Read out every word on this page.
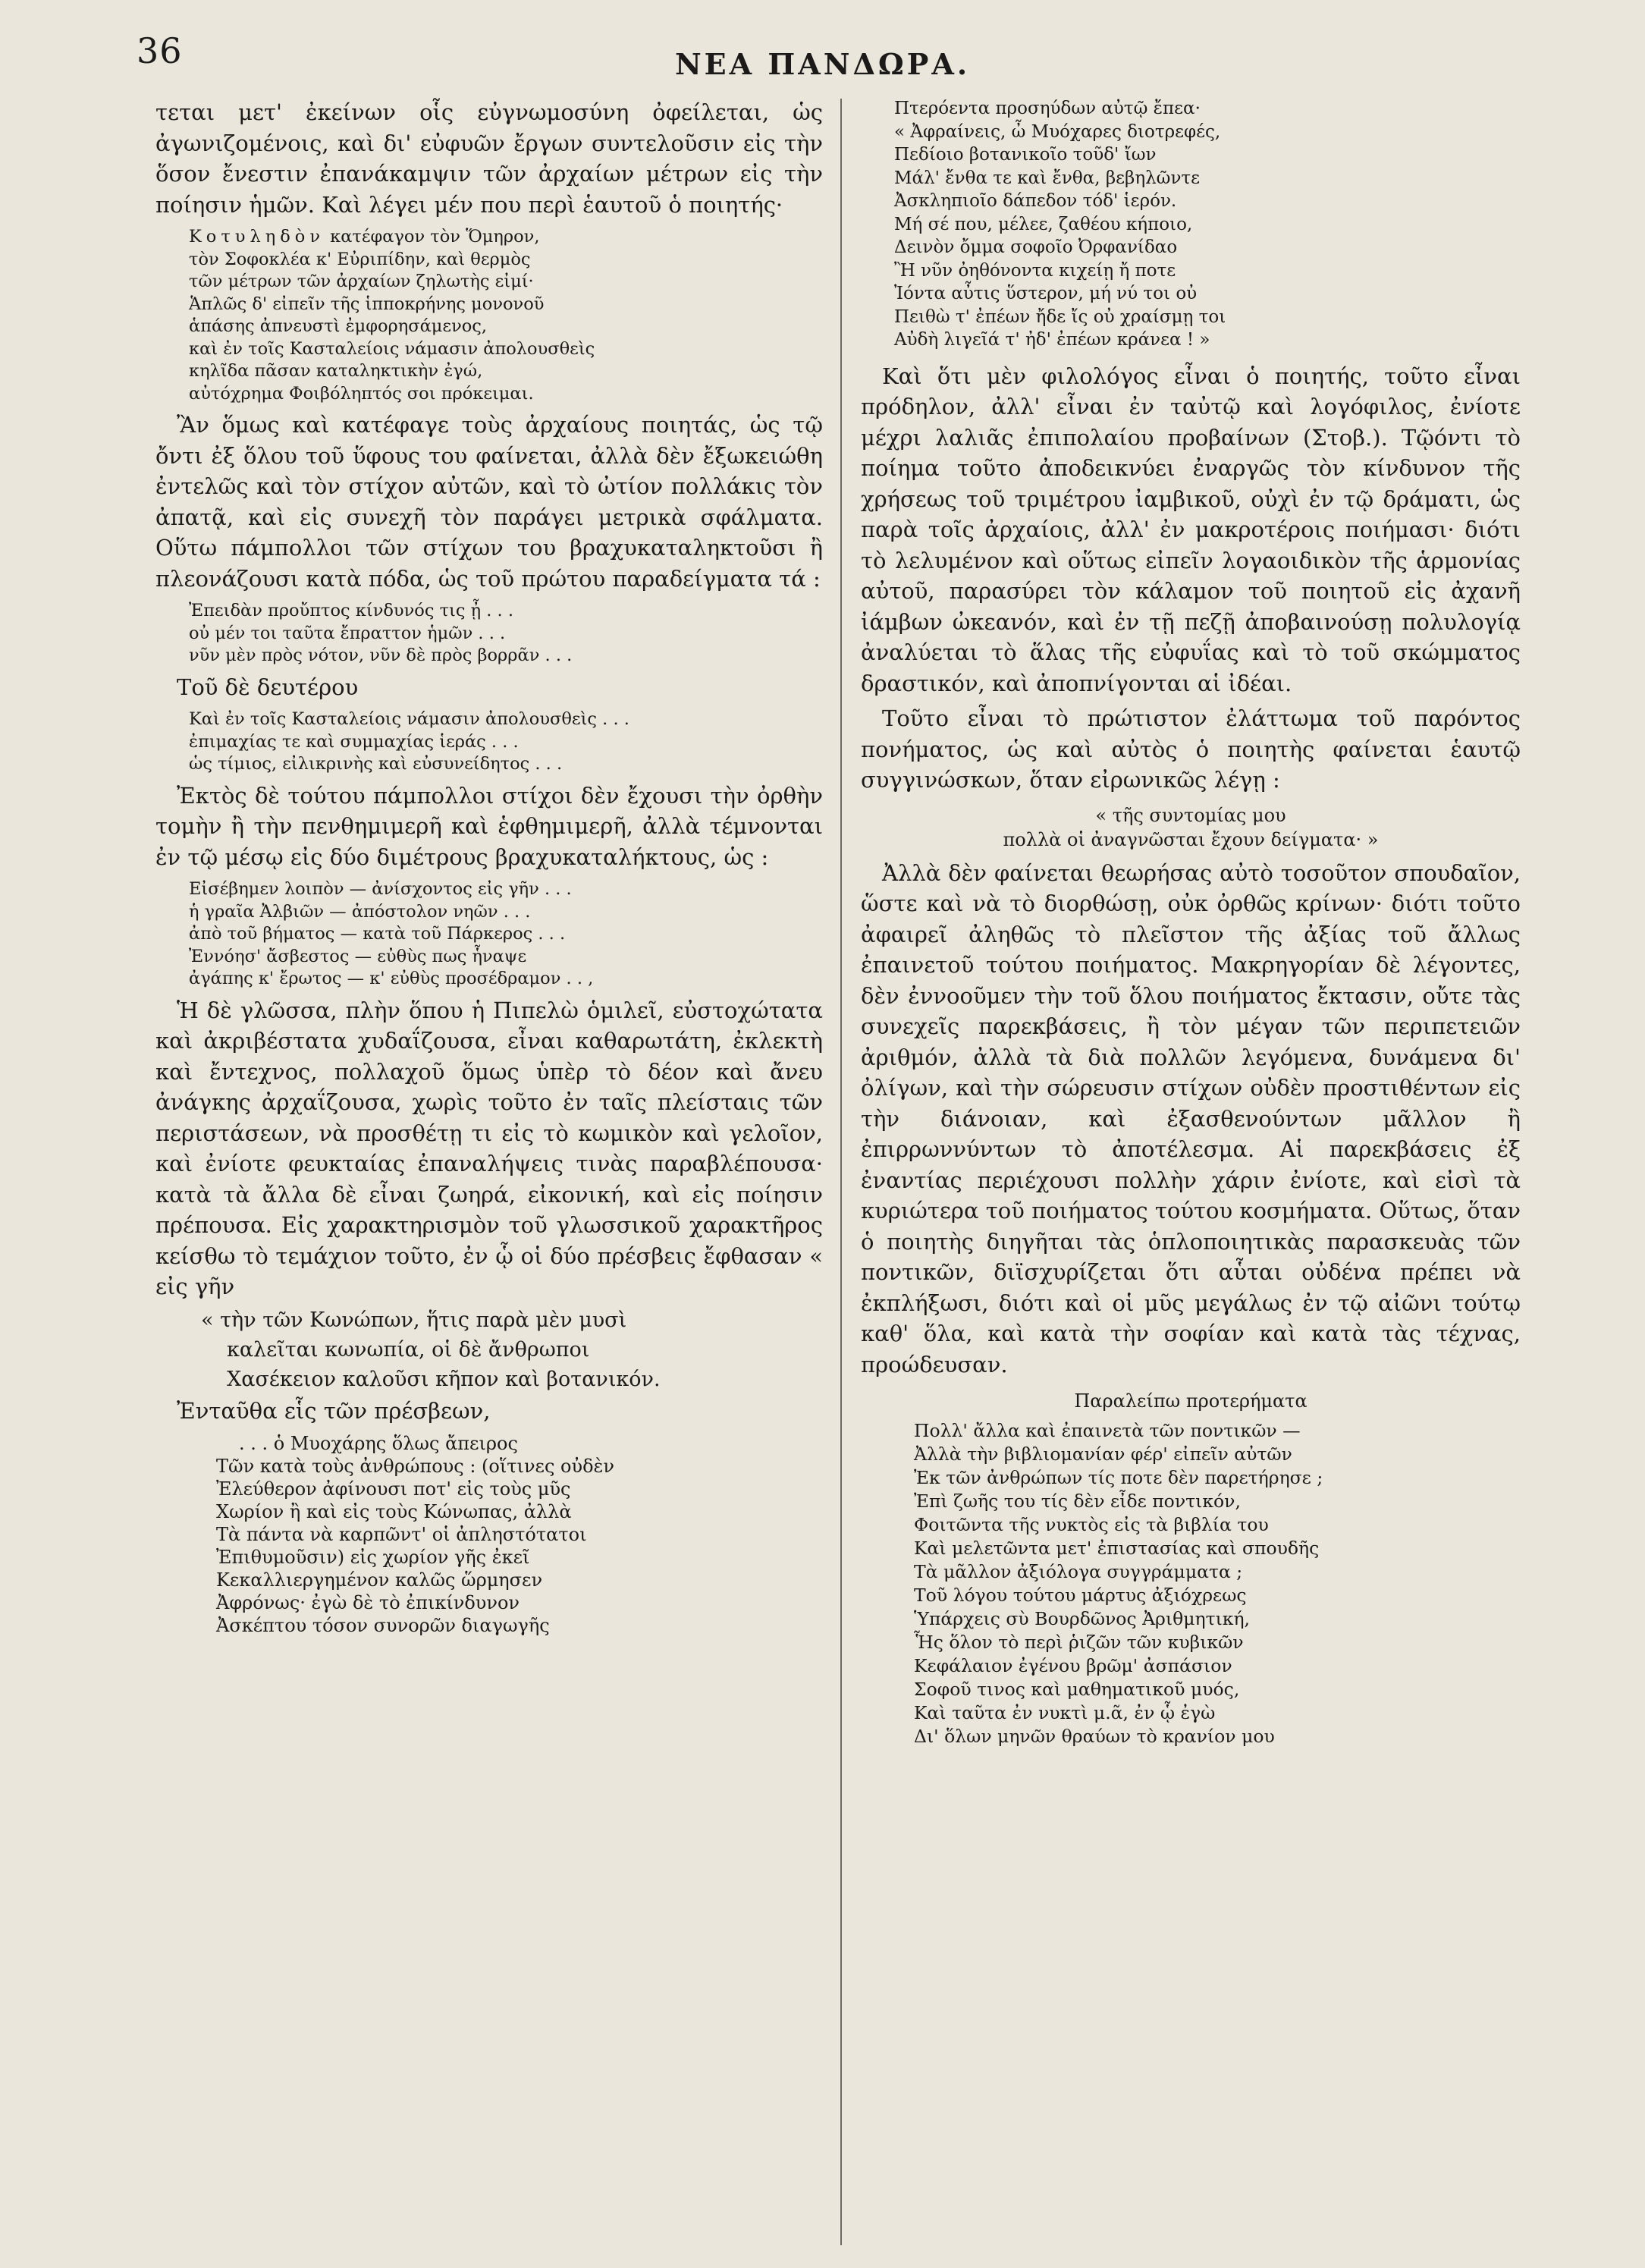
36	ΝΕΑ ΠΑΝΔΩΡΑ.

τεται μετ' ἐκείνων οἷς εὐγνωμοσύνη ὀφείλεται, ὡς ἀγωνιζομένοις, καὶ δι' εὐφυῶν ἔργων συντελοῦσιν εἰς τὴν ὅσον ἔνεστιν ἐπανάκαμψιν τῶν ἀρχαίων μέτρων εἰς τὴν ποίησιν ἡμῶν. Καὶ λέγει μέν που περὶ ἑαυτοῦ ὁ ποιητής·

Κοτυληδὸν κατέφαγον τὸν Ὅμηρον,
τὸν Σοφοκλέα κ' Εὐριπίδην, καὶ θερμὸς
τῶν μέτρων τῶν ἀρχαίων ζηλωτὴς εἰμί·
Ἁπλῶς δ' εἰπεῖν τῆς ἱπποκρήνης μονονοῦ
ἁπάσης ἀπνευστὶ ἐμφορησάμενος,
καὶ ἐν τοῖς Κασταλείοις νάμασιν ἀπολουσθεὶς
κηλῖδα πᾶσαν καταληκτικὴν ἐγώ,
αὐτόχρημα Φοιβόληπτός σοι πρόκειμαι.

Ἂν ὅμως καὶ κατέφαγε τοὺς ἀρχαίους ποιητάς, ὡς τῷ ὄντι ἐξ ὅλου τοῦ ὕφους του φαίνεται, ἀλλὰ δὲν ἔξωκειώθη ἐντελῶς καὶ τὸν στίχον αὐτῶν, καὶ τὸ ὠτίον πολλάκις τὸν ἀπατᾷ, καὶ εἰς συνεχῆ τὸν παράγει μετρικὰ σφάλματα. Οὕτω πάμπολλοι τῶν στίχων του βραχυκαταληκτοῦσι ἢ πλεονάζουσι κατὰ πόδα, ὡς τοῦ πρώτου παραδείγματα τά :

Ἐπειδὰν προὔπτος κίνδυνός τις ᾖ . . .
οὐ μέν τοι ταῦτα ἔπραττον ἡμῶν . . .
νῦν μὲν πρὸς νότον, νῦν δὲ πρὸς βορρᾶν . . .

Τοῦ δὲ δευτέρου

Καὶ ἐν τοῖς Κασταλείοις νάμασιν ἀπολουσθεὶς . . .
ἐπιμαχίας τε καὶ συμμαχίας ἱεράς . . .
ὡς τίμιος, εἰλικρινὴς καὶ εὐσυνείδητος . . .

Ἐκτὸς δὲ τούτου πάμπολλοι στίχοι δὲν ἔχουσι τὴν ὀρθὴν τομὴν ἢ τὴν πενθημιμερῆ καὶ ἑφθημιμερῆ, ἀλλὰ τέμνονται ἐν τῷ μέσῳ εἰς δύο διμέτρους βραχυκαταλήκτους, ὡς :

Εἰσέβημεν λοιπὸν — ἀνίσχοντος εἰς γῆν . . .
ἡ γραῖα Ἀλβιῶν — ἀπόστολον νηῶν . . .
ἀπὸ τοῦ βήματος — κατὰ τοῦ Πάρκερος . . .
Ἐννόησ' ἄσβεστος — εὐθὺς πως ἧναψε
ἀγάπης κ' ἔρωτος — κ' εὐθὺς προσέδραμον . . ,

Ἡ δὲ γλῶσσα, πλὴν ὅπου ἡ Πιπελὼ ὁμιλεῖ, εὐστοχώτατα καὶ ἀκριβέστατα χυδαΐζουσα, εἶναι καθαρωτάτη, ἐκλεκτὴ καὶ ἔντεχνος, πολλαχοῦ ὅμως ὑπὲρ τὸ δέον καὶ ἄνευ ἀνάγκης ἀρχαΐζουσα, χωρὶς τοῦτο ἐν ταῖς πλείσταις τῶν περιστάσεων, νὰ προσθέτῃ τι εἰς τὸ κωμικὸν καὶ γελοῖον, καὶ ἐνίοτε φευκταίας ἐπαναλήψεις τινὰς παραβλέπουσα· κατὰ τὰ ἄλλα δὲ εἶναι ζωηρά, εἰκονική, καὶ εἰς ποίησιν πρέπουσα. Εἰς χαρακτηρισμὸν τοῦ γλωσσικοῦ χαρακτῆρος κείσθω τὸ τεμάχιον τοῦτο, ἐν ᾧ οἱ δύο πρέσβεις ἔφθασαν « εἰς γῆν

« τὴν τῶν Κωνώπων, ἥτις παρὰ μὲν μυσὶ
καλεῖται κωνωπία, οἱ δὲ ἄνθρωποι
Χασέκειον καλοῦσι κῆπον καὶ βοτανικόν.

Ἐνταῦθα εἷς τῶν πρέσβεων,

. . . ὁ Μυοχάρης ὅλως ἄπειρος
Τῶν κατὰ τοὺς ἀνθρώπους : (οἵτινες οὐδὲν
Ἐλεύθερον ἀφίνουσι ποτ' εἰς τοὺς μῦς
Χωρίον ἢ καὶ εἰς τοὺς Κώνωπας, ἀλλὰ
Τὰ πάντα νὰ καρπῶντ' οἱ ἀπληστότατοι
Ἐπιθυμοῦσιν) εἰς χωρίον γῆς ἐκεῖ
Κεκαλλιεργημένον καλῶς ὥρμησεν
Ἀφρόνως· ἐγὼ δὲ τὸ ἐπικίνδυνον
Ἀσκέπτου τόσον συνορῶν διαγωγῆς
Πτερόεντα προσηύδων αὐτῷ ἔπεα·
« Ἀφραίνεις, ὦ Μυόχαρες διοτρεφές,
Πεδίοιο βοτανικοῖο τοῦδ' ἴων
Μάλ' ἔνθα τε καὶ ἔνθα, βεβηλῶντε
Ἀσκληπιοῖο δάπεδον τόδ' ἱερόν.
Μή σέ που, μέλεε, ζαθέου κήποιο,
Δεινὸν ὄμμα σοφοῖο Ὀρφανίδαο
Ἢ νῦν ὀηθόνοντα κιχείῃ ἤ ποτε
Ἰόντα αὖτις ὕστερον, μή νύ τοι οὐ
Πειθὼ τ' ἐπέων ἤδε ἴς οὐ χραίσμῃ τοι
Αὐδὴ λιγεῖά τ' ἠδ' ἐπέων κράνεα ! »

Καὶ ὅτι μὲν φιλολόγος εἶναι ὁ ποιητής, τοῦτο εἶναι πρόδηλον, ἀλλ' εἶναι ἐν ταὐτῷ καὶ λογόφιλος, ἐνίοτε μέχρι λαλιᾶς ἐπιπολαίου προβαίνων (Στοβ.). Τῷόντι τὸ ποίημα τοῦτο ἀποδεικνύει ἐναργῶς τὸν κίνδυνον τῆς χρήσεως τοῦ τριμέτρου ἰαμβικοῦ, οὐχὶ ἐν τῷ δράματι, ὡς παρὰ τοῖς ἀρχαίοις, ἀλλ' ἐν μακροτέροις ποιήμασι· διότι τὸ λελυμένον καὶ οὕτως εἰπεῖν λογαοιδικὸν τῆς ἁρμονίας αὐτοῦ, παρασύρει τὸν κάλαμον τοῦ ποιητοῦ εἰς ἀχανῆ ἰάμβων ὠκεανόν, καὶ ἐν τῇ πεζῇ ἀποβαινούσῃ πολυλογίᾳ ἀναλύεται τὸ ἅλας τῆς εὐφυΐας καὶ τὸ τοῦ σκώμματος δραστικόν, καὶ ἀποπνίγονται αἱ ἰδέαι.

Τοῦτο εἶναι τὸ πρώτιστον ἐλάττωμα τοῦ παρόντος πονήματος, ὡς καὶ αὐτὸς ὁ ποιητὴς φαίνεται ἑαυτῷ συγγινώσκων, ὅταν εἰρωνικῶς λέγῃ :

« τῆς συντομίας μου
πολλὰ οἱ ἀναγνῶσται ἔχουν δείγματα· »

Ἀλλὰ δὲν φαίνεται θεωρήσας αὐτὸ τοσοῦτον σπουδαῖον, ὥστε καὶ νὰ τὸ διορθώσῃ, οὐκ ὀρθῶς κρίνων· διότι τοῦτο ἀφαιρεῖ ἀληθῶς τὸ πλεῖστον τῆς ἀξίας τοῦ ἄλλως ἐπαινετοῦ τούτου ποιήματος. Μακρηγορίαν δὲ λέγοντες, δὲν ἐννοοῦμεν τὴν τοῦ ὅλου ποιήματος ἔκτασιν, οὔτε τὰς συνεχεῖς παρεκβάσεις, ἢ τὸν μέγαν τῶν περιπετειῶν ἀριθμόν, ἀλλὰ τὰ διὰ πολλῶν λεγόμενα, δυνάμενα δι' ὀλίγων, καὶ τὴν σώρευσιν στίχων οὐδὲν προστιθέντων εἰς τὴν διάνοιαν, καὶ ἐξασθενούντων μᾶλλον ἢ ἐπιρρωννύντων τὸ ἀποτέλεσμα. Αἱ παρεκβάσεις ἐξ ἐναντίας περιέχουσι πολλὴν χάριν ἐνίοτε, καὶ εἰσὶ τὰ κυριώτερα τοῦ ποιήματος τούτου κοσμήματα. Οὕτως, ὅταν ὁ ποιητὴς διηγῆται τὰς ὁπλοποιητικὰς παρασκευὰς τῶν ποντικῶν, διϊσχυρίζεται ὅτι αὗται οὐδένα πρέπει νὰ ἐκπλήξωσι, διότι καὶ οἱ μῦς μεγάλως ἐν τῷ αἰῶνι τούτῳ καθ' ὅλα, καὶ κατὰ τὴν σοφίαν καὶ κατὰ τὰς τέχνας, προώδευσαν.

Παραλείπω προτερήματα
Πολλ' ἄλλα καὶ ἐπαινετὰ τῶν ποντικῶν —
Ἀλλὰ τὴν βιβλιομανίαν φέρ' εἰπεῖν αὐτῶν
Ἐκ τῶν ἀνθρώπων τίς ποτε δὲν παρετήρησε ;
Ἐπὶ ζωῆς του τίς δὲν εἶδε ποντικόν,
Φοιτῶντα τῆς νυκτὸς εἰς τὰ βιβλία του
Καὶ μελετῶντα μετ' ἐπιστασίας καὶ σπουδῆς
Τὰ μᾶλλον ἀξιόλογα συγγράμματα ;
Τοῦ λόγου τούτου μάρτυς ἀξιόχρεως
Ὑπάρχεις σὺ Βουρδῶνος Ἀριθμητική,
Ἧς ὅλον τὸ περὶ ῥιζῶν τῶν κυβικῶν
Κεφάλαιον ἐγένου βρῶμ' ἀσπάσιον
Σοφοῦ τινος καὶ μαθηματικοῦ μυός,
Καὶ ταῦτα ἐν νυκτὶ μ.ᾶ, ἐν ᾧ ἐγὼ
Δι' ὅλων μηνῶν θραύων τὸ κρανίον μου
